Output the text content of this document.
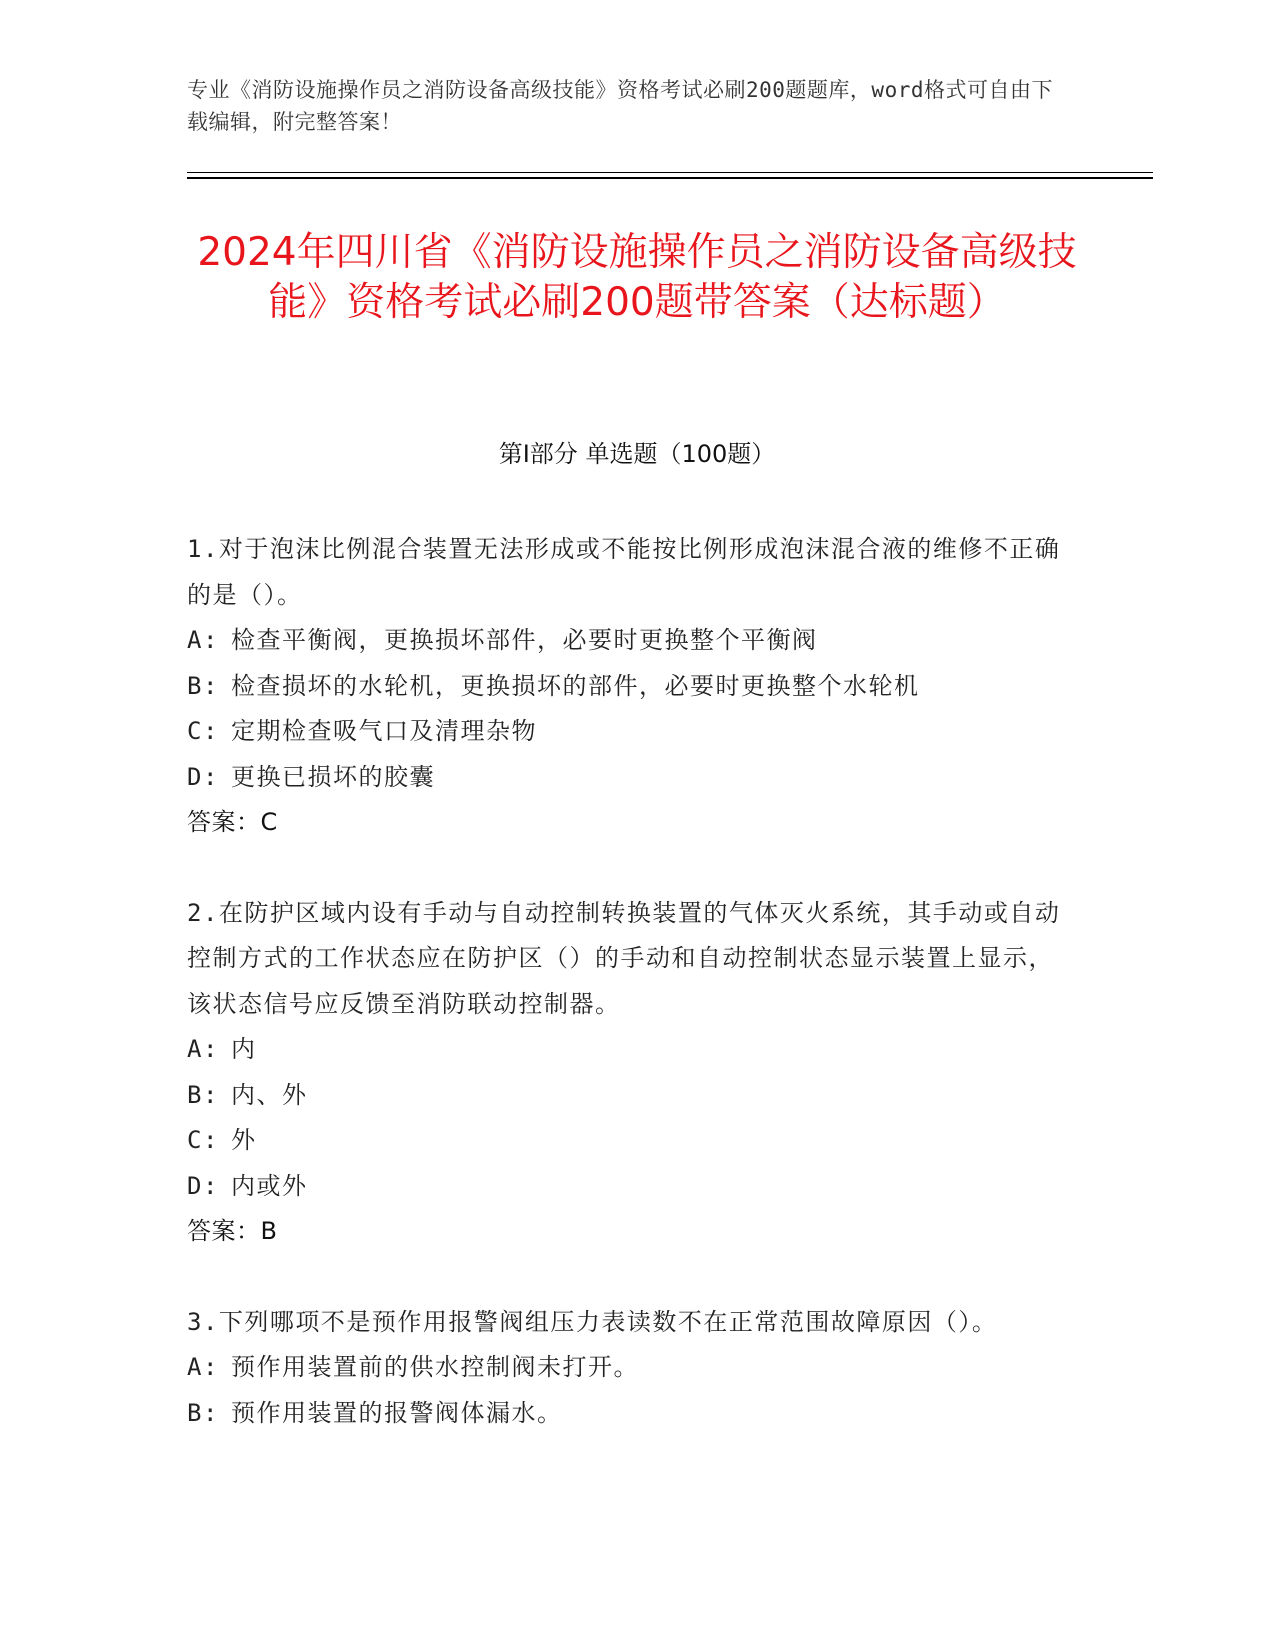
专业《消防设施操作员之消防设备高级技能》资格考试必刷200题题库，word格式可自由下载编辑，附完整答案！
2024年四川省《消防设施操作员之消防设备高级技能》资格考试必刷200题带答案（达标题）
第Ⅰ部分 单选题（100题）

1.对于泡沫比例混合装置无法形成或不能按比例形成泡沫混合液的维修不正确的是（）。

A: 检查平衡阀，更换损坏部件，必要时更换整个平衡阀

B: 检查损坏的水轮机，更换损坏的部件，必要时更换整个水轮机

C: 定期检查吸气口及清理杂物

D: 更换已损坏的胶囊

答案：C

2.在防护区域内设有手动与自动控制转换装置的气体灭火系统，其手动或自动控制方式的工作状态应在防护区（）的手动和自动控制状态显示装置上显示，该状态信号应反馈至消防联动控制器。

A: 内

B: 内、外

C: 外

D: 内或外

答案：B

3.下列哪项不是预作用报警阀组压力表读数不在正常范围故障原因（）。

A: 预作用装置前的供水控制阀未打开。

B: 预作用装置的报警阀体漏水。
